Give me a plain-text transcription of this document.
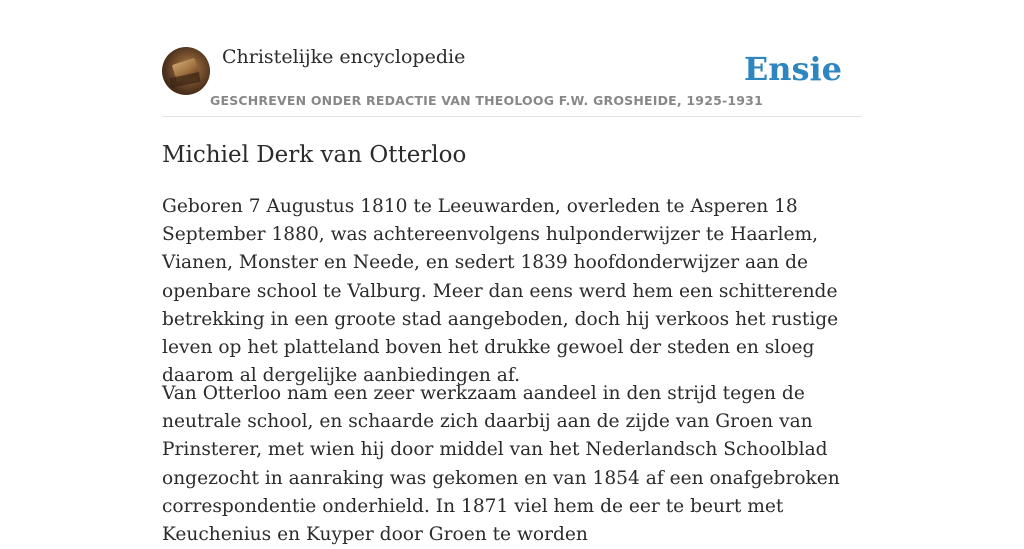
Christelijke encyclopedie
GESCHREVEN ONDER REDACTIE VAN THEOLOOG F.W. GROSHEIDE, 1925-1931
Ensie
Michiel Derk van Otterloo

Geboren 7 Augustus 1810 te Leeuwarden, overleden te Asperen 18 September 1880, was achtereenvolgens hulponderwijzer te Haarlem, Vianen, Monster en Neede, en sedert 1839 hoofdonderwijzer aan de openbare school te Valburg. Meer dan eens werd hem een schitterende betrekking in een groote stad aangeboden, doch hij verkoos het rustige leven op het platteland boven het drukke gewoel der steden en sloeg daarom al dergelijke aanbiedingen af.

Van Otterloo nam een zeer werkzaam aandeel in den strijd tegen de neutrale school, en schaarde zich daarbij aan de zijde van Groen van Prinsterer, met wien hij door middel van het Nederlandsch Schoolblad ongezocht in aanraking was gekomen en van 1854 af een onafgebroken correspondentie onderhield. In 1871 viel hem de eer te beurt met Keuchenius en Kuyper door Groen te worden
